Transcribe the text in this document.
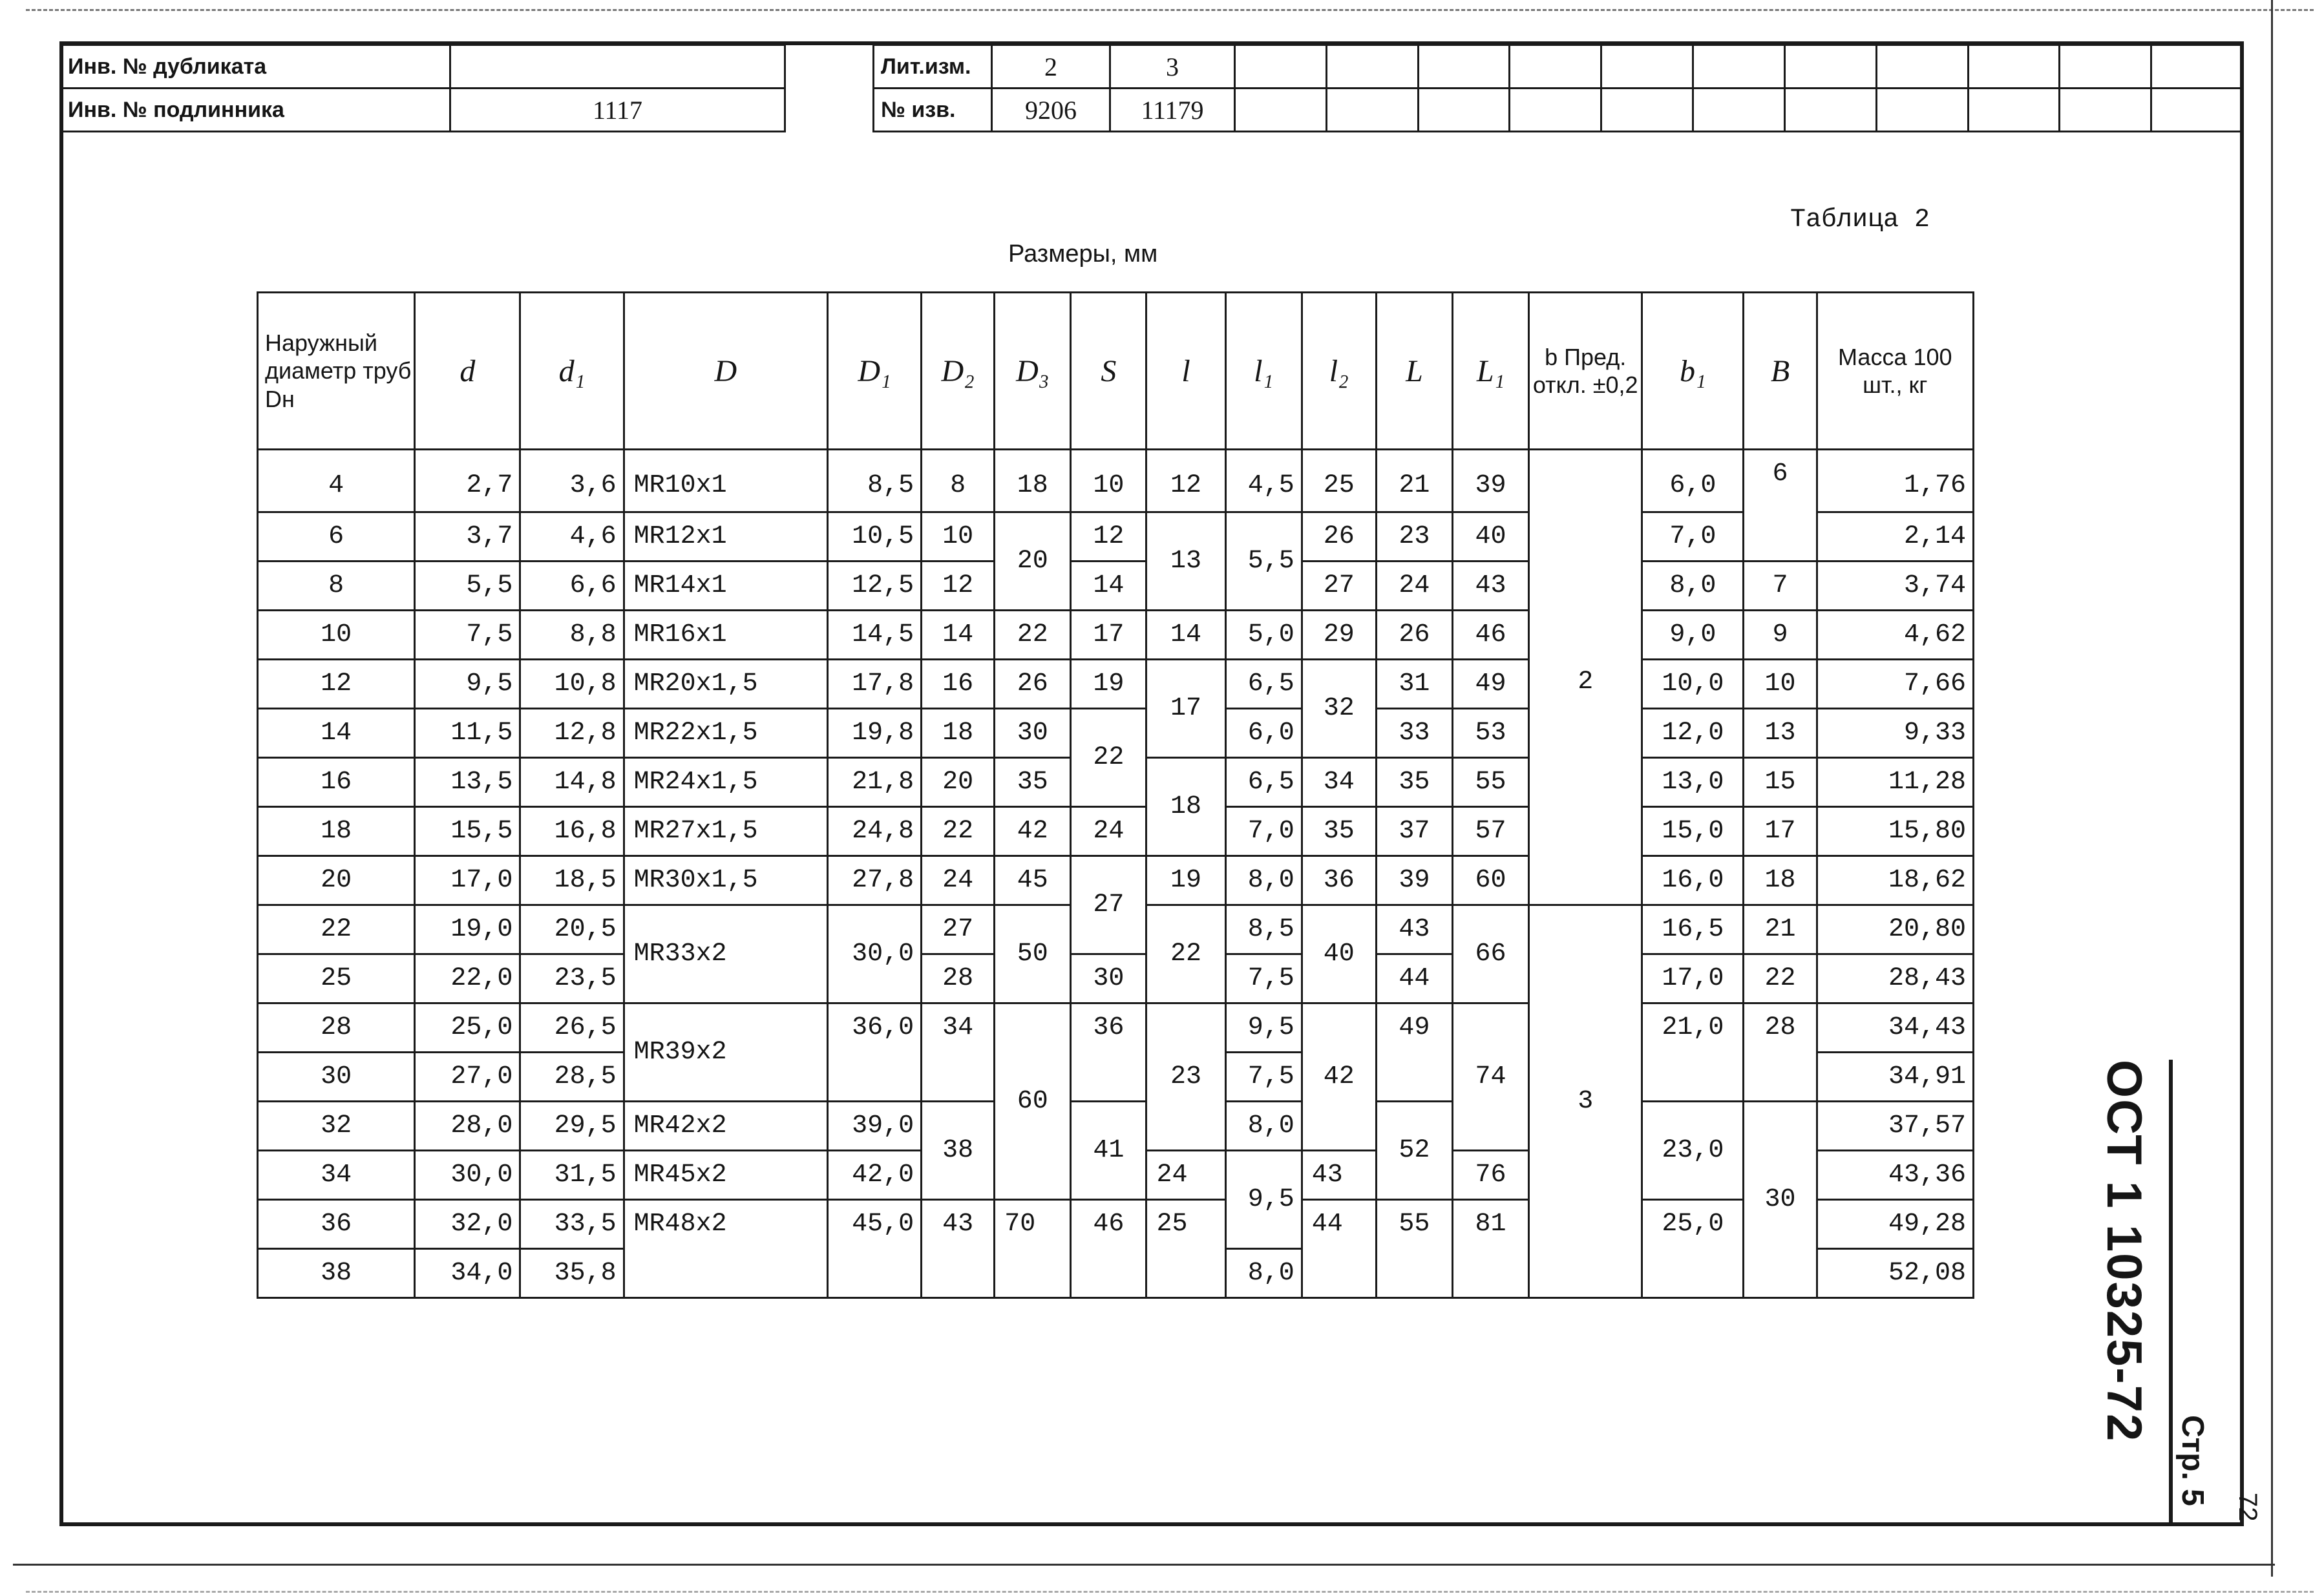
Инв. № дубликата	
Инв. № подлинника	1117
Лит.изм.	2	3											
№ изв.	9206	11179											
Таблица 2
Размеры, мм
Наружный диаметр труб Dн	d	d₁	D	D₁	D₂	D₃	S	l	l₁	l₂	L	L₁	b Пред. откл. ±0,2	b₁	B	Масса 100 шт., кг
4	2,7	3,6	MR10x1	8,5	8	18	10	12	4,5	25	21	39	2	6,0	6	1,76
6	3,7	4,6	MR12x1	10,5	10	20	12	13	5,5	26	23	40		7,0		2,14
8	5,5	6,6	MR14x1	12,5	12		14			27	24	43		8,0	7	3,74
10	7,5	8,8	MR16x1	14,5	14	22	17	14	5,0	29	26	46		9,0	9	4,62
12	9,5	10,8	MR20x1,5	17,8	16	26	19	17	6,5	32	31	49		10,0	10	7,66
14	11,5	12,8	MR22x1,5	19,8	18	30	22		6,0		33	53		12,0	13	9,33
16	13,5	14,8	MR24x1,5	21,8	20	35		18	6,5	34	35	55		13,0	15	11,28
18	15,5	16,8	MR27x1,5	24,8	22	42	24		7,0	35	37	57		15,0	17	15,80
20	17,0	18,5	MR30x1,5	27,8	24	45	27	19	8,0	36	39	60		16,0	18	18,62
22	19,0	20,5	MR33x2	30,0	27	50		22	8,5	40	43	66	3	16,5	21	20,80
25	22,0	23,5			28		30		7,5		44			17,0	22	28,43
28	25,0	26,5	MR39x2	36,0	34	60	36	23	9,5	42	49	74		21,0	28	34,43
30	27,0	28,5							7,5							34,91
32	28,0	29,5	MR42x2	39,0	38		41		8,0		52			23,0	30	37,57
34	30,0	31,5	MR45x2	42,0				24	9,5	43		76				43,36
36	32,0	33,5	MR48x2	45,0	43	70	46	25		44	55	81		25,0		49,28
38	34,0	35,8							8,0							52,08	ОСТ 1 10325-72
Стр. 5
72
